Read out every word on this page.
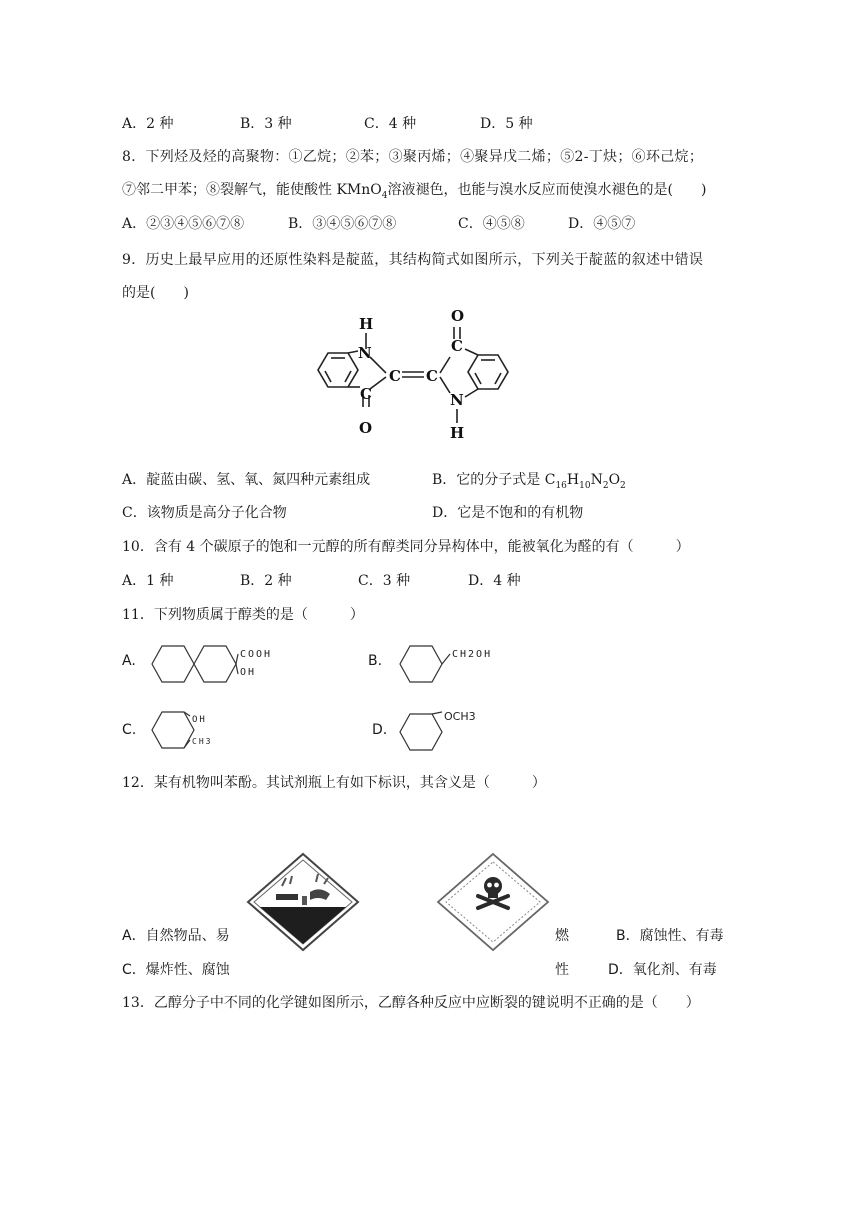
A．2 种	B．3 种	C．4 种	D．5 种
8．下列烃及烃的高聚物：①乙烷；②苯；③聚丙烯；④聚异戊二烯；⑤2-丁炔；⑥环己烷；
⑦邻二甲苯；⑧裂解气，能使酸性 KMnO$_4$溶液褪色，也能与溴水反应而使溴水褪色的是(　　)
A．②③④⑤⑥⑦⑧	B．③④⑤⑥⑦⑧	C．④⑤⑧	D．④⑤⑦
9．历史上最早应用的还原性染料是靛蓝，其结构简式如图所示，下列关于靛蓝的叙述中错误
的是(　　)
H
N
C
O
C C
O
C
N
H
A．靛蓝由碳、氢、氧、氮四种元素组成	B．它的分子式是 $C_{16}H_{10}N_2O_2$
C．该物质是高分子化合物	D．它是不饱和的有机物
10．含有 4 个碳原子的饱和一元醇的所有醇类同分异构体中，能被氧化为醛的有（　　　）
A．1 种	B．2 种	C．3 种	D．4 种
11．下列物质属于醇类的是（　　　）
A.	COOH
OH
B.	CH2OH
C.
OH
CH3
D.
OCH3
12．某有机物叫苯酚。其试剂瓶上有如下标识，其含义是（　　　）
A．自然物品、易	燃	B．腐蚀性、有毒
C．爆炸性、腐蚀	性	D．氧化剂、有毒
13．乙醇分子中不同的化学键如图所示，乙醇各种反应中应断裂的键说明不正确的是（　　）
